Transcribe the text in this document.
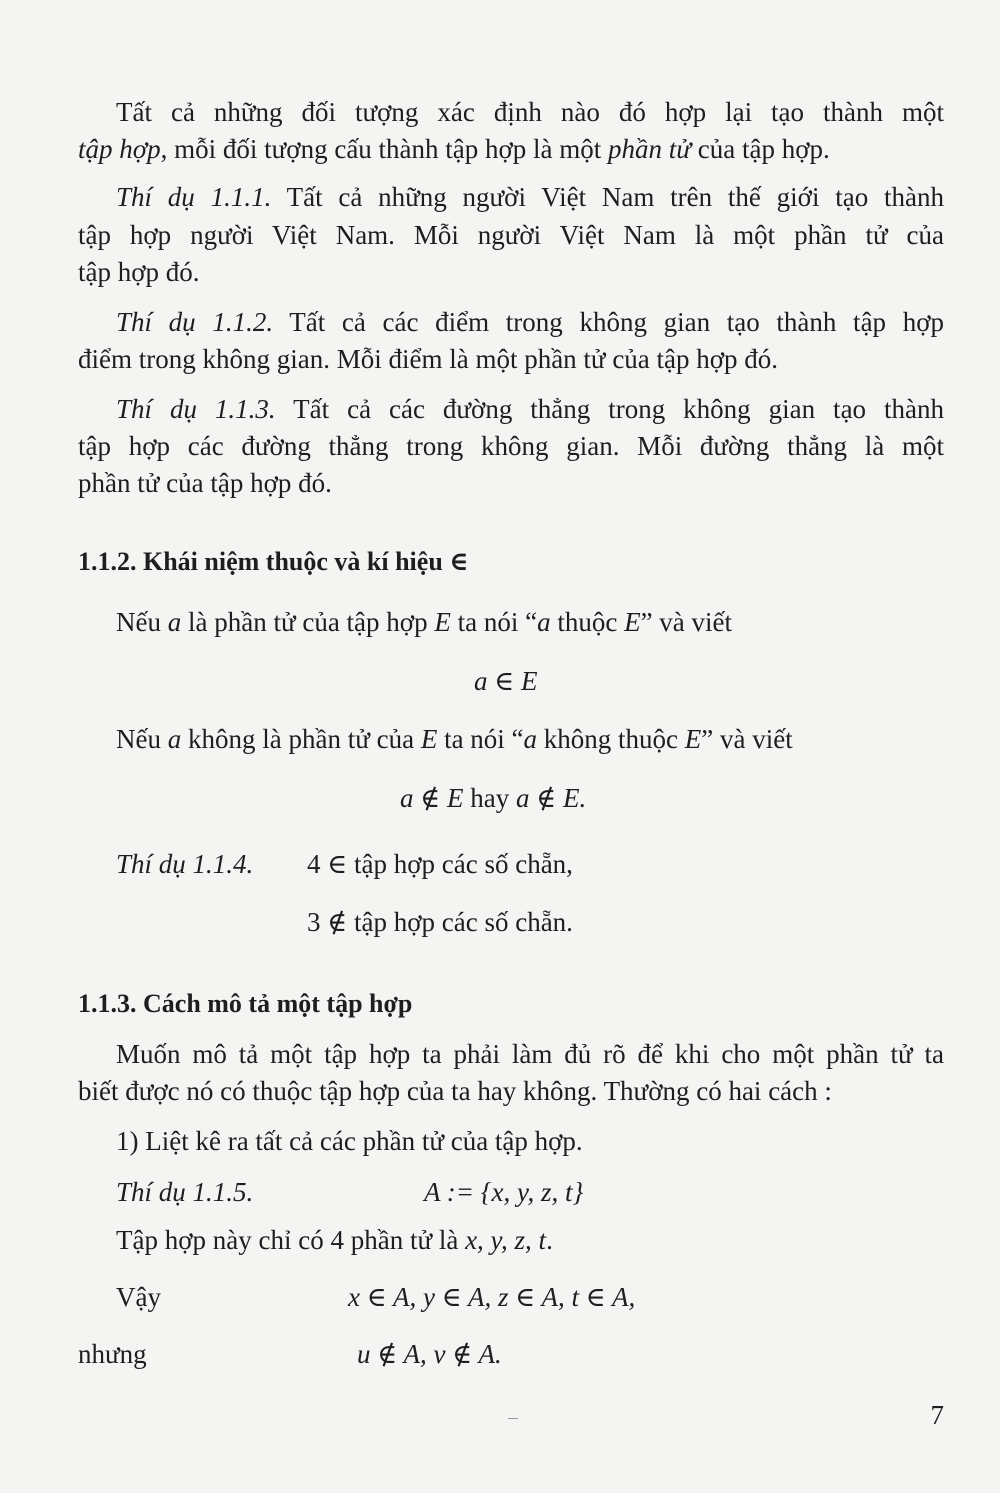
Tất cả những đối tượng xác định nào đó hợp lại tạo thành một
tập hợp, mỗi đối tượng cấu thành tập hợp là một phần tử của tập hợp.
Thí dụ 1.1.1. Tất cả những người Việt Nam trên thế giới tạo thành
tập hợp người Việt Nam. Mỗi người Việt Nam là một phần tử của
tập hợp đó.
Thí dụ 1.1.2. Tất cả các điểm trong không gian tạo thành tập hợp
điểm trong không gian. Mỗi điểm là một phần tử của tập hợp đó.
Thí dụ 1.1.3. Tất cả các đường thẳng trong không gian tạo thành
tập hợp các đường thẳng trong không gian. Mỗi đường thẳng là một
phần tử của tập hợp đó.
1.1.2. Khái niệm thuộc và kí hiệu ∈
Nếu a là phần tử của tập hợp E ta nói “a thuộc E” và viết
a ∈ E
Nếu a không là phần tử của E ta nói “a không thuộc E” và viết
a ∉ E hay a ∉ E.
Thí dụ 1.1.4. 4 ∈ tập hợp các số chẵn,
3 ∉ tập hợp các số chẵn.
1.1.3. Cách mô tả một tập hợp
Muốn mô tả một tập hợp ta phải làm đủ rõ để khi cho một phần tử ta
biết được nó có thuộc tập hợp của ta hay không. Thường có hai cách :
1) Liệt kê ra tất cả các phần tử của tập hợp.
Thí dụ 1.1.5.	A := {x, y, z, t}
Tập hợp này chỉ có 4 phần tử là x, y, z, t.
Vậy	x ∈ A, y ∈ A, z ∈ A, t ∈ A,
nhưng	u ∉ A, v ∉ A.
7
